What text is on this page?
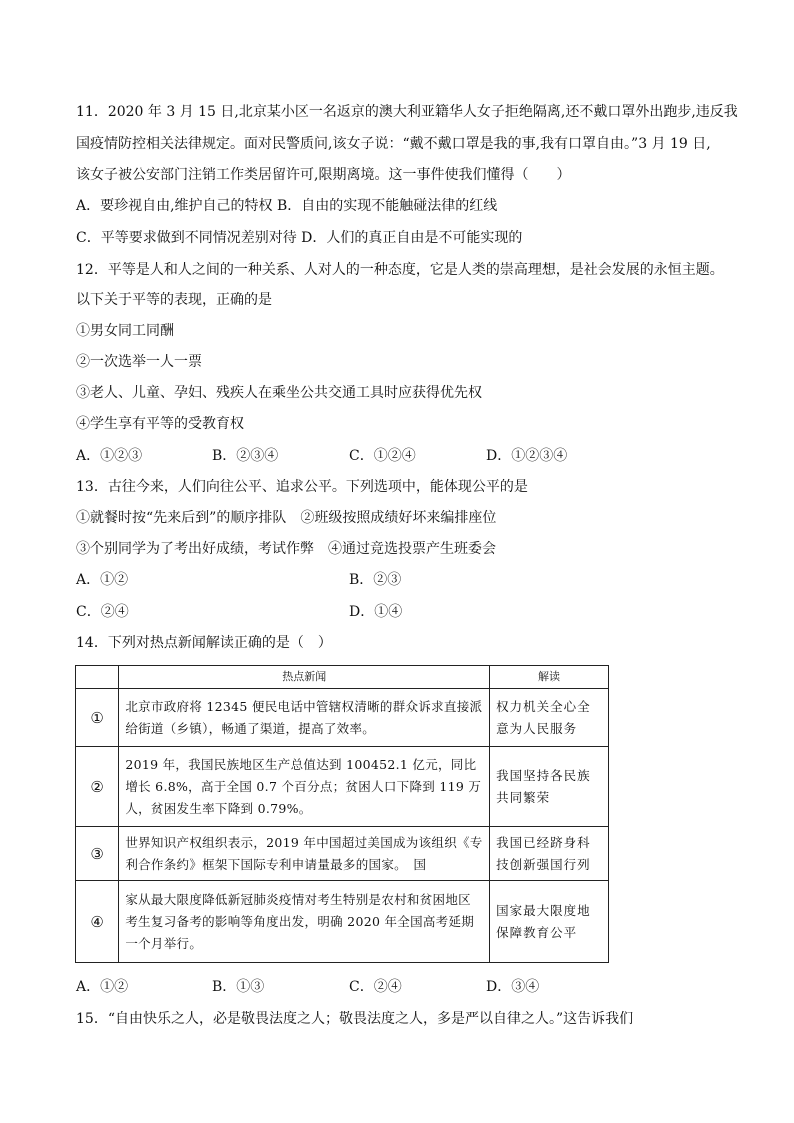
11．2020 年 3 月 15 日,北京某小区一名返京的澳大利亚籍华人女子拒绝隔离,还不戴口罩外出跑步,违反我
国疫情防控相关法律规定。面对民警质问,该女子说：“戴不戴口罩是我的事,我有口罩自由。”3 月 19 日,
该女子被公安部门注销工作类居留许可,限期离境。这一事件使我们懂得（　　）
A．要珍视自由,维护自己的特权 B．自由的实现不能触碰法律的红线
C．平等要求做到不同情况差别对待 D．人们的真正自由是不可能实现的
12．平等是人和人之间的一种关系、人对人的一种态度，它是人类的崇高理想，是社会发展的永恒主题。
以下关于平等的表现，正确的是
①男女同工同酬
②一次选举一人一票
③老人、儿童、孕妇、残疾人在乘坐公共交通工具时应获得优先权
④学生享有平等的受教育权
A．①②③	B．②③④	C．①②④	D．①②③④
13．古往今来，人们向往公平、追求公平。下列选项中，能体现公平的是
①就餐时按“先来后到”的顺序排队　②班级按照成绩好坏来编排座位
③个别同学为了考出好成绩，考试作弊　④通过竞选投票产生班委会
A．①②	B．②③
C．②④	D．①④
14．下列对热点新闻解读正确的是（　）
	热点新闻	解读
①	北京市政府将 12345 便民电话中管辖权清晰的群众诉求直接派给街道（乡镇），畅通了渠道，提高了效率。	权力机关全心全意为人民服务
②	2019 年，我国民族地区生产总值达到 100452.1 亿元，同比增长 6.8%，高于全国 0.7 个百分点；贫困人口下降到 119 万人，贫困发生率下降到 0.79%。	我国坚持各民族共同繁荣
③	世界知识产权组织表示，2019 年中国超过美国成为该组织《专利合作条约》框架下国际专利申请量最多的国家。　国	我国已经跻身科技创新强国行列
④	家从最大限度降低新冠肺炎疫情对考生特别是农村和贫困地区考生复习备考的影响等角度出发，明确 2020 年全国高考延期一个月举行。	国家最大限度地保障教育公平
A．①②	B．①③	C．②④	D．③④
15．“自由快乐之人，必是敬畏法度之人；敬畏法度之人，多是严以自律之人。”这告诉我们
